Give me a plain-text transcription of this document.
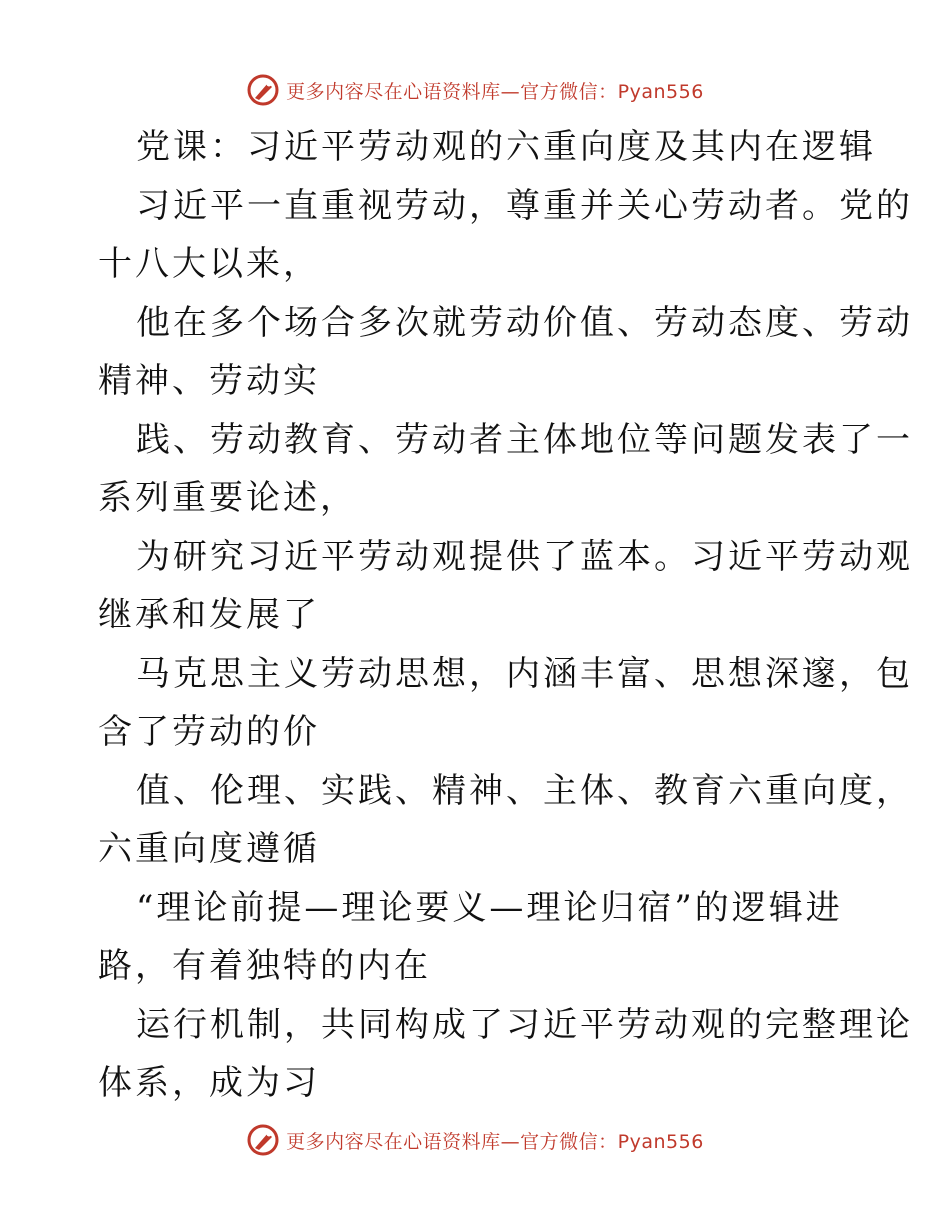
更多内容尽在心语资料库—官方微信：Pyan556
党课：习近平劳动观的六重向度及其内在逻辑
习近平一直重视劳动，尊重并关心劳动者。党的
十八大以来，
他在多个场合多次就劳动价值、劳动态度、劳动
精神、劳动实
践、劳动教育、劳动者主体地位等问题发表了一
系列重要论述，
为研究习近平劳动观提供了蓝本。习近平劳动观
继承和发展了
马克思主义劳动思想，内涵丰富、思想深邃，包
含了劳动的价
值、伦理、实践、精神、主体、教育六重向度，
六重向度遵循
“理论前提—理论要义—理论归宿”的逻辑进
路，有着独特的内在
运行机制，共同构成了习近平劳动观的完整理论
体系，成为习
更多内容尽在心语资料库—官方微信：Pyan556
